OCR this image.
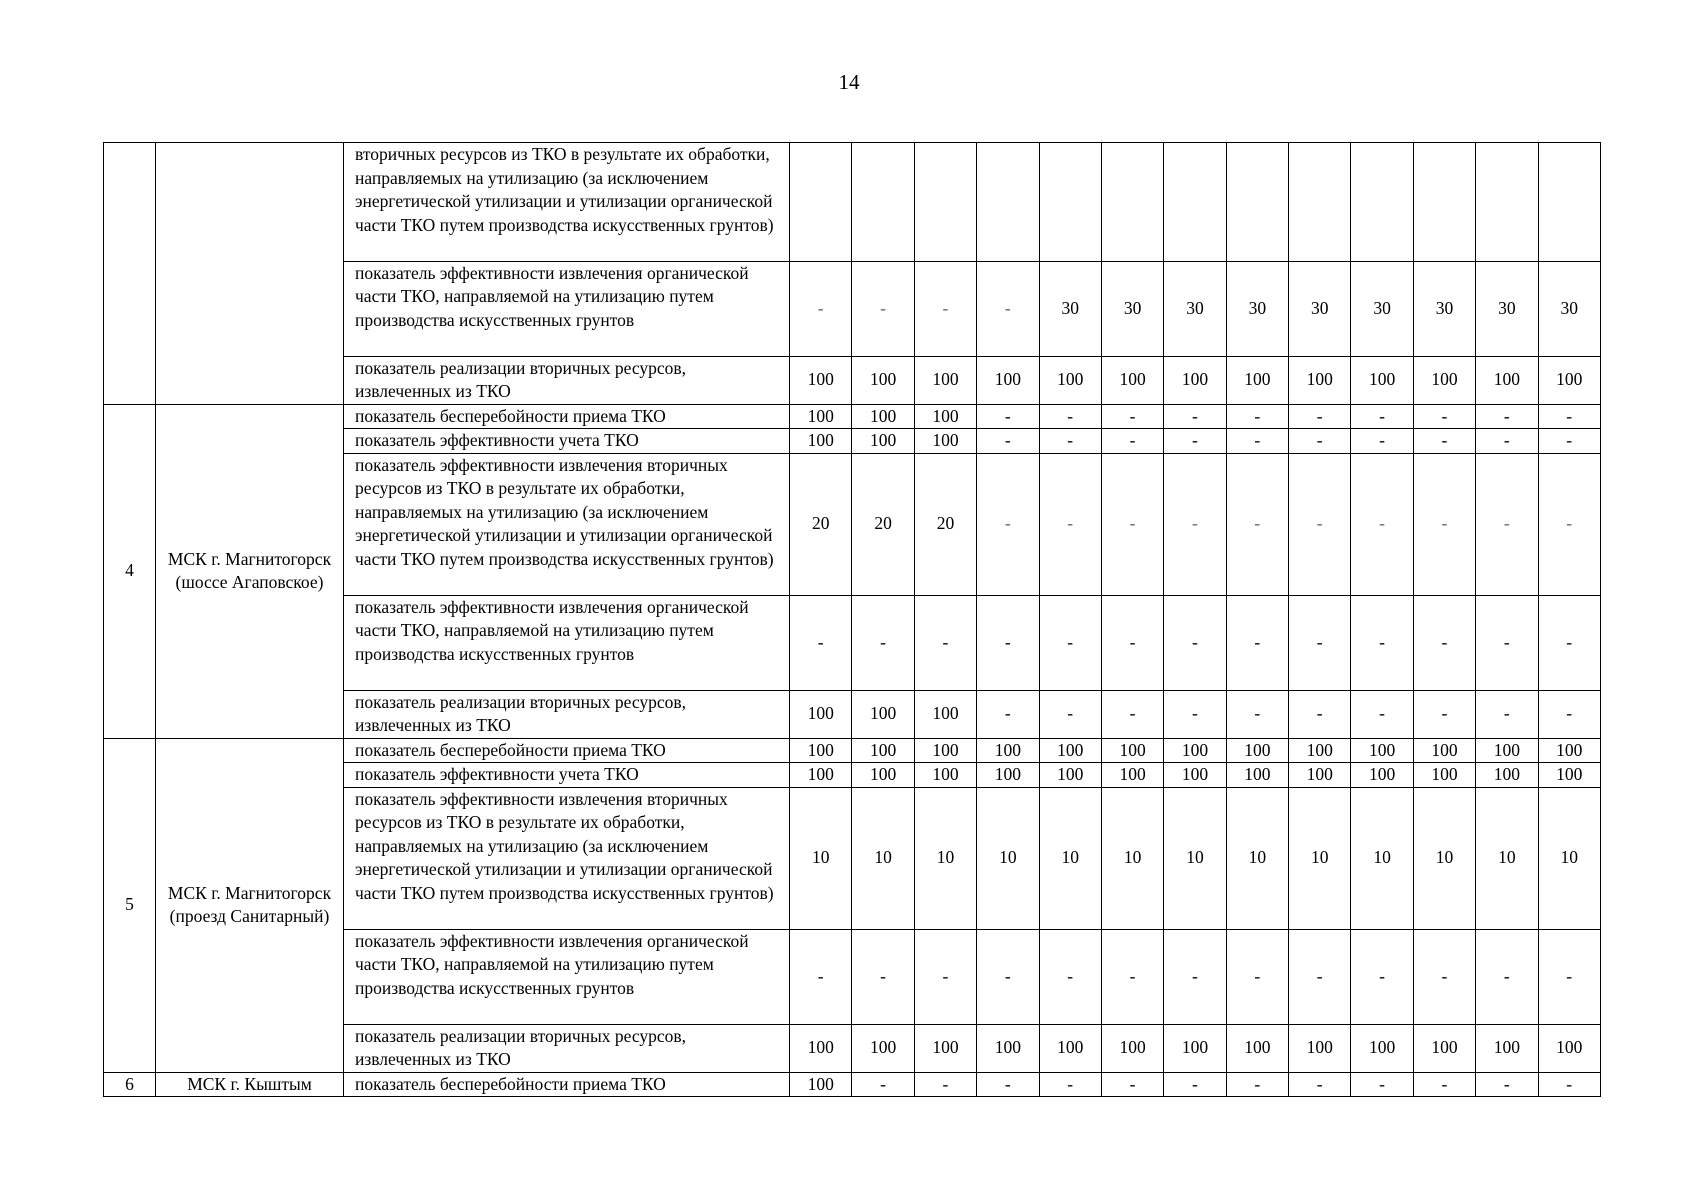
14
		вторичных ресурсов из ТКО в результате их обработки, направляемых на утилизацию (за исключением энергетической утилизации и утилизации органической части ТКО путем производства искусственных грунтов)													
		показатель эффективности извлечения органической части ТКО, направляемой на утилизацию путем производства искусственных грунтов	-	-	-	-	30	30	30	30	30	30	30	30	30
		показатель реализации вторичных ресурсов, извлеченных из ТКО	100	100	100	100	100	100	100	100	100	100	100	100	100
4	МСК г. Магнитогорск (шоссе Агаповское)	показатель бесперебойности приема ТКО	100	100	100	-	-	-	-	-	-	-	-	-	-
		показатель эффективности учета ТКО	100	100	100	-	-	-	-	-	-	-	-	-	-
		показатель эффективности извлечения вторичных ресурсов из ТКО в результате их обработки, направляемых на утилизацию (за исключением энергетической утилизации и утилизации органической части ТКО путем производства искусственных грунтов)	20	20	20	-	-	-	-	-	-	-	-	-	-
		показатель эффективности извлечения органической части ТКО, направляемой на утилизацию путем производства искусственных грунтов	-	-	-	-	-	-	-	-	-	-	-	-	-
		показатель реализации вторичных ресурсов, извлеченных из ТКО	100	100	100	-	-	-	-	-	-	-	-	-	-
5	МСК г. Магнитогорск (проезд Санитарный)	показатель бесперебойности приема ТКО	100	100	100	100	100	100	100	100	100	100	100	100	100
		показатель эффективности учета ТКО	100	100	100	100	100	100	100	100	100	100	100	100	100
		показатель эффективности извлечения вторичных ресурсов из ТКО в результате их обработки, направляемых на утилизацию (за исключением энергетической утилизации и утилизации органической части ТКО путем производства искусственных грунтов)	10	10	10	10	10	10	10	10	10	10	10	10	10
		показатель эффективности извлечения органической части ТКО, направляемой на утилизацию путем производства искусственных грунтов	-	-	-	-	-	-	-	-	-	-	-	-	-
		показатель реализации вторичных ресурсов, извлеченных из ТКО	100	100	100	100	100	100	100	100	100	100	100	100	100
6	МСК г. Кыштым	показатель бесперебойности приема ТКО	100	-	-	-	-	-	-	-	-	-	-	-	-
